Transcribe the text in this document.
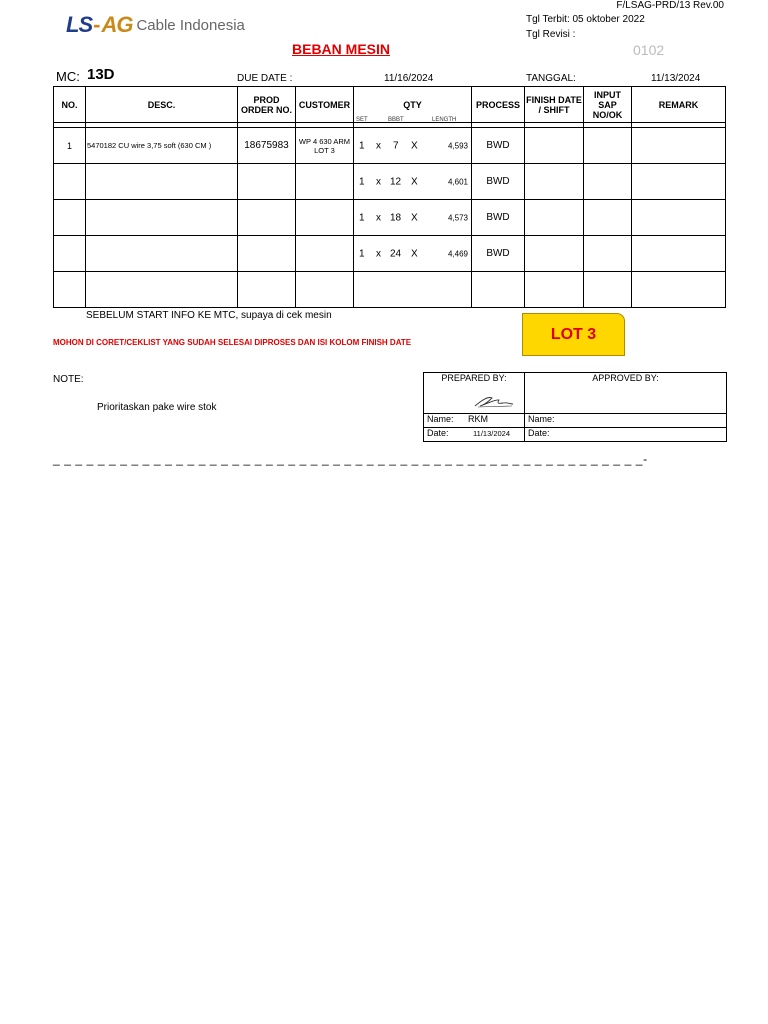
LS - AG Cable Indonesia
F/LSAG-PRD/13 Rev.00
Tgl Terbit: 05 oktober 2022
Tgl Revisi :
BEBAN MESIN	0102
MC: 13D	DUE DATE :	11/16/2024	TANGGAL:	11/13/2024
NO.	DESC.	PROD ORDER NO.	CUSTOMER	QTY	PROCESS	FINISH DATE / SHIFT	INPUT SAP NO/OK	REMARK

				SET BBBT LENGTH				

1	5470182 CU wire 3,75 soft (630 CM )	18675983	WP 4 630 ARM LOT 3	1 x 7 X 4,593	BWD			

				1 x 12 X 4,601	BWD			

				1 x 18 X 4,573	BWD			

				1 x 24 X 4,469	BWD			

SEBELUM START INFO KE MTC, supaya di cek mesin
MOHON DI CORET/CEKLIST YANG SUDAH SELESAI DIPROSES DAN ISI KOLOM FINISH DATE	LOT 3
NOTE:
Prioritaskan pake wire stok
PREPARED BY:	APPROVED BY:
Name: RKM	Name:
Date: 11/13/2024	Date:
_ _ _ _ _ _ _ _ _ _ _ _ _ _ _ _ _ _ _ _ _ _ _ _ _ _ _ _ _ _ _ _ _ _ _ _ _ _ _ _ _ _ _ _ _ _ _ _ _ _ _ _ _-
